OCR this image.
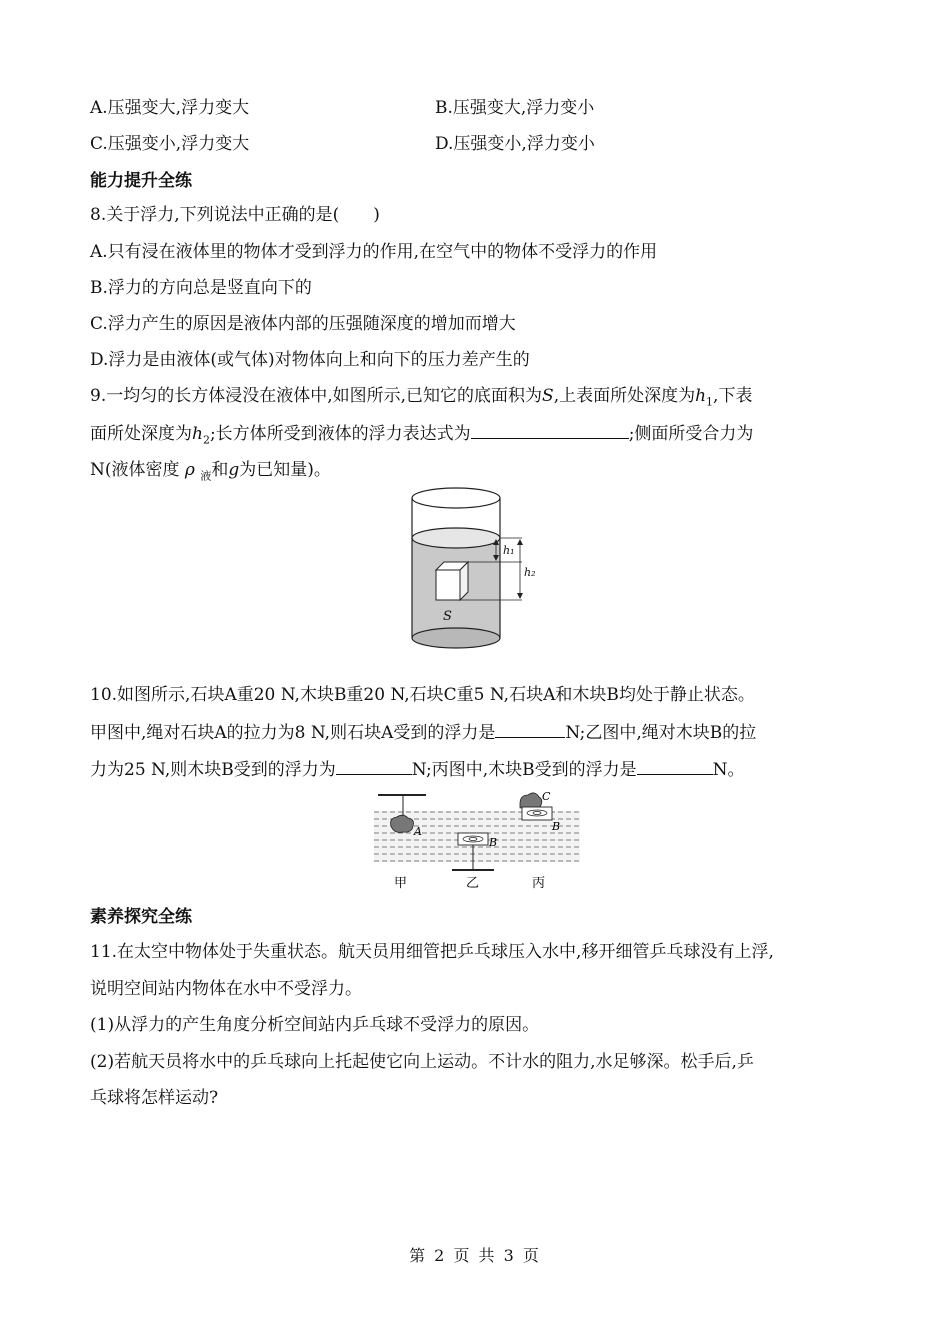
A.压强变大,浮力变大	B.压强变大,浮力变小
C.压强变小,浮力变大	D.压强变小,浮力变小
能力提升全练
8.关于浮力,下列说法中正确的是(　　)
A.只有浸在液体里的物体才受到浮力的作用,在空气中的物体不受浮力的作用
B.浮力的方向总是竖直向下的
C.浮力产生的原因是液体内部的压强随深度的增加而增大
D.浮力是由液体(或气体)对物体向上和向下的压力差产生的
9.一均匀的长方体浸没在液体中,如图所示,已知它的底面积为S,上表面所处深度为$h_1$,下表
面所处深度为$h_2$;长方体所受到液体的浮力表达式为	;侧面所受合力为
N(液体密度 ρ $_液$和g为已知量)。
h₁
h₂
S
10.如图所示,石块A重20 N,木块B重20 N,石块C重5 N,石块A和木块B均处于静止状态。
甲图中,绳对石块A的拉力为8 N,则石块A受到的浮力是	N;乙图中,绳对木块B的拉
力为25 N,则木块B受到的浮力为	N;丙图中,木块B受到的浮力是	N。
A
B
C
B
甲	乙	丙
素养探究全练
11.在太空中物体处于失重状态。航天员用细管把乒乓球压入水中,移开细管乒乓球没有上浮,
说明空间站内物体在水中不受浮力。
(1)从浮力的产生角度分析空间站内乒乓球不受浮力的原因。
(2)若航天员将水中的乒乓球向上托起使它向上运动。不计水的阻力,水足够深。松手后,乒
乓球将怎样运动?
第 2 页 共 3 页
